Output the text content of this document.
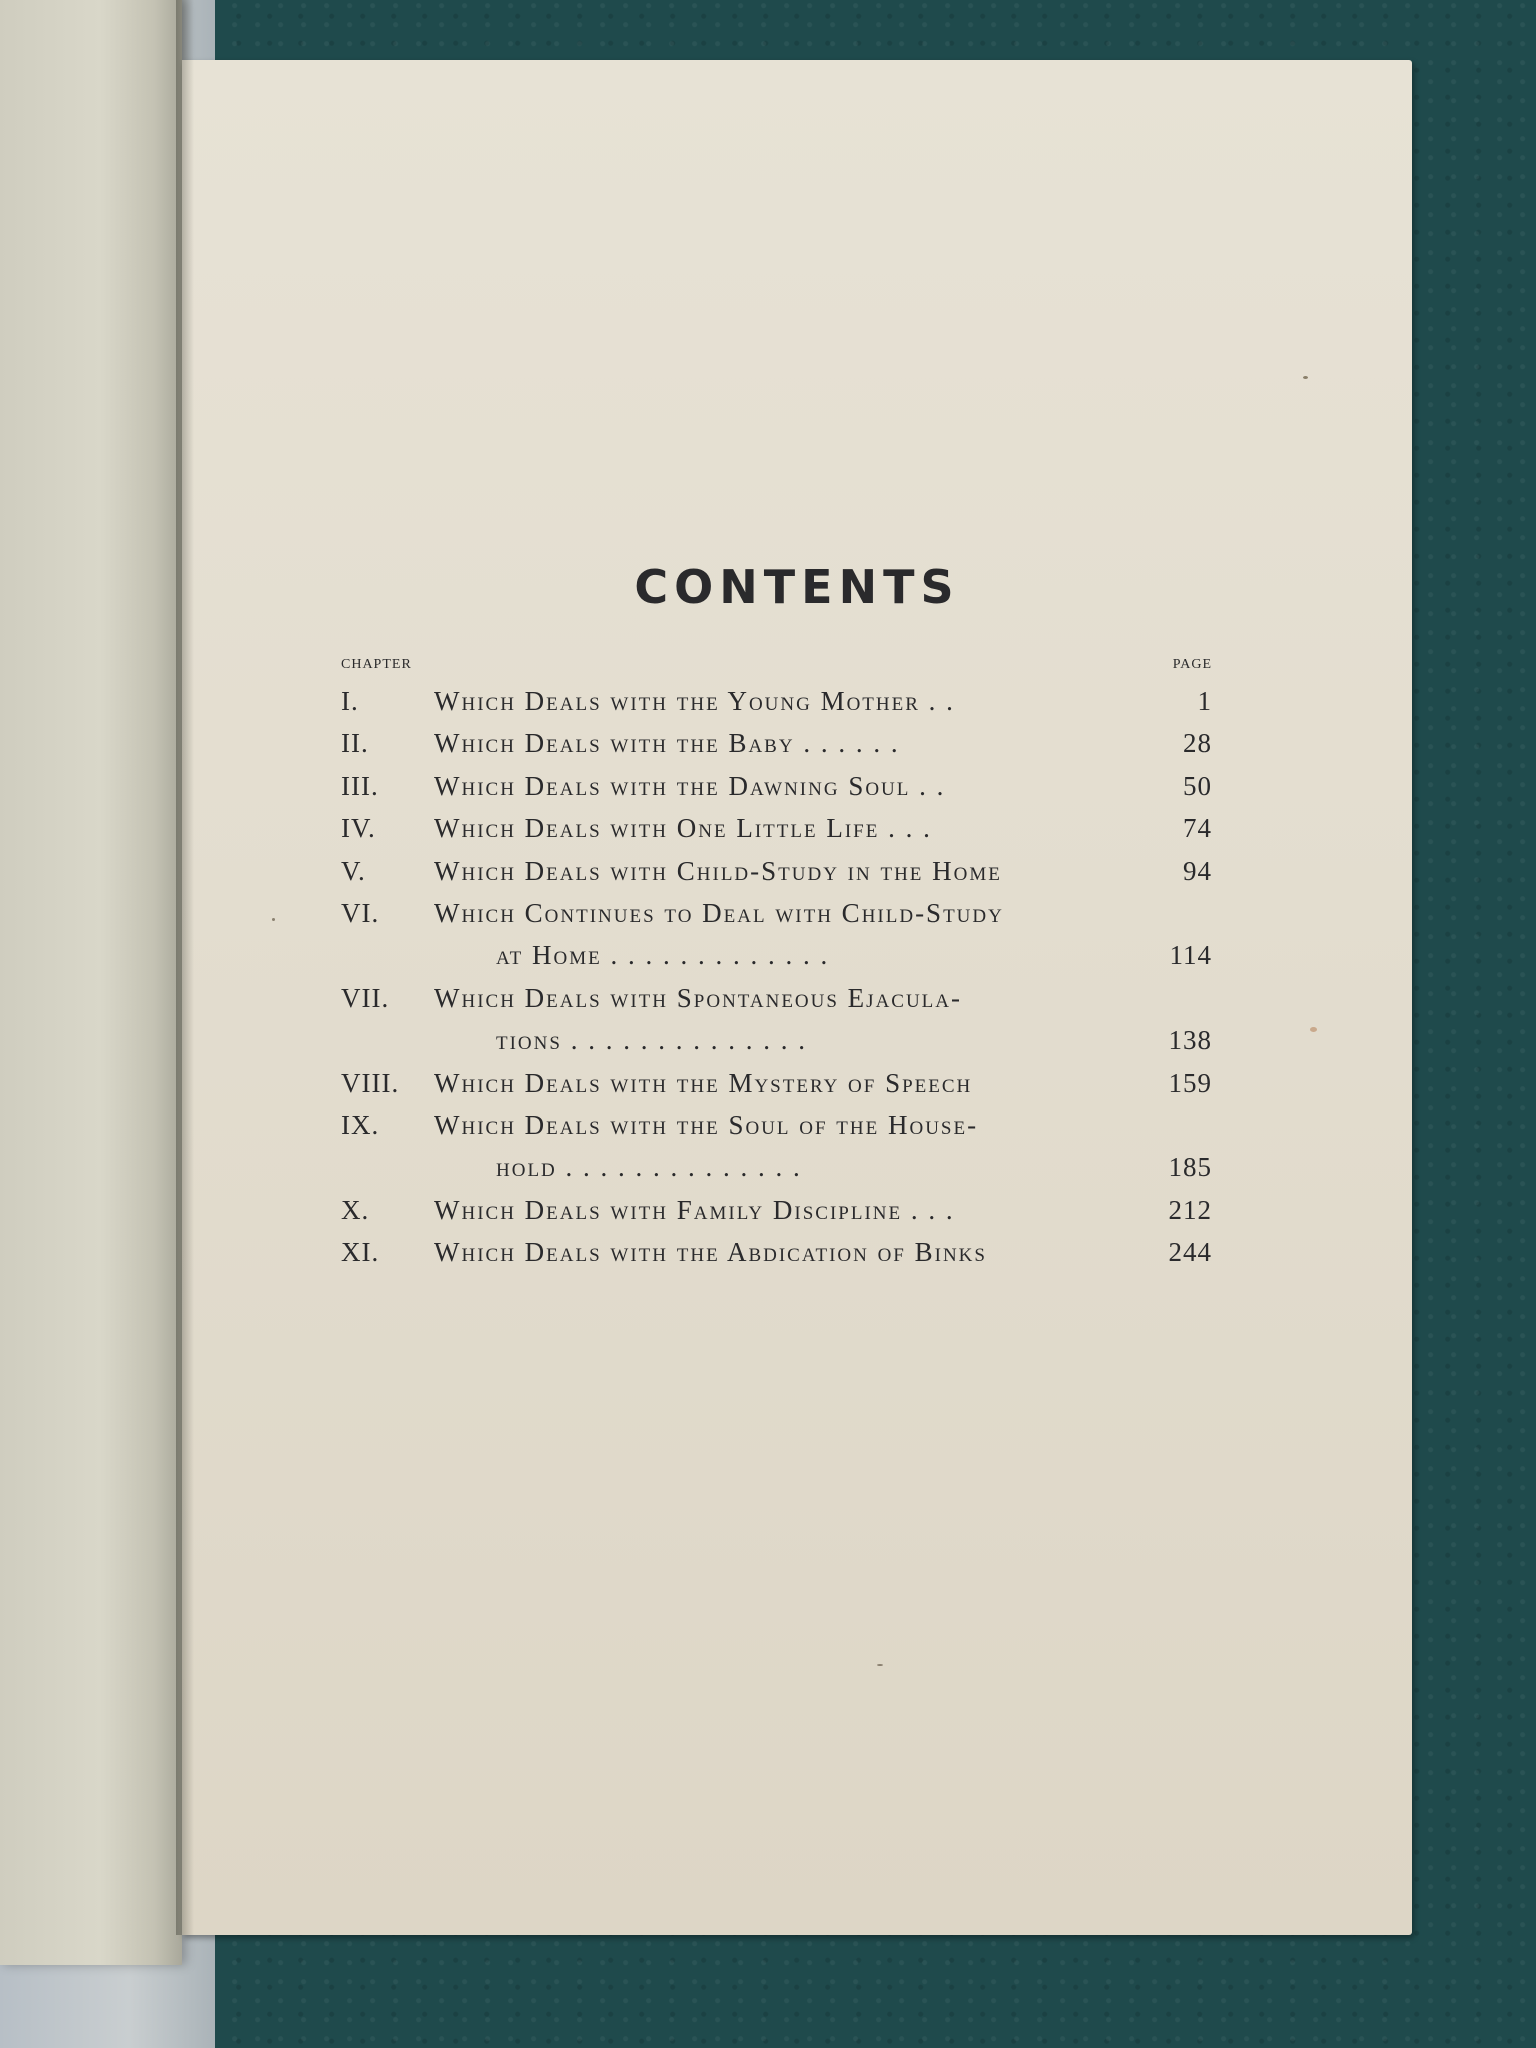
CONTENTS
CHAPTER	PAGE
I.	Which Deals with the Young Mother . .	1
II. Which Deals with the Baby . . . . . .	28
III. Which Deals with the Dawning Soul . .	50
IV. Which Deals with One Little Life . . .	74
V.	Which Deals with Child-Study in the Home	94
VI. Which Continues to Deal with Child-Study
at Home . . . . . . . . . . . . .	114
VII. Which Deals with Spontaneous Ejacula-
tions . . . . . . . . . . . . . .	138
VIII. Which Deals with the Mystery of Speech	159
IX. Which Deals with the Soul of the House-
hold . . . . . . . . . . . . . .	185
X. Which Deals with Family Discipline . . .	212
XI. Which Deals with the Abdication of Binks	244
